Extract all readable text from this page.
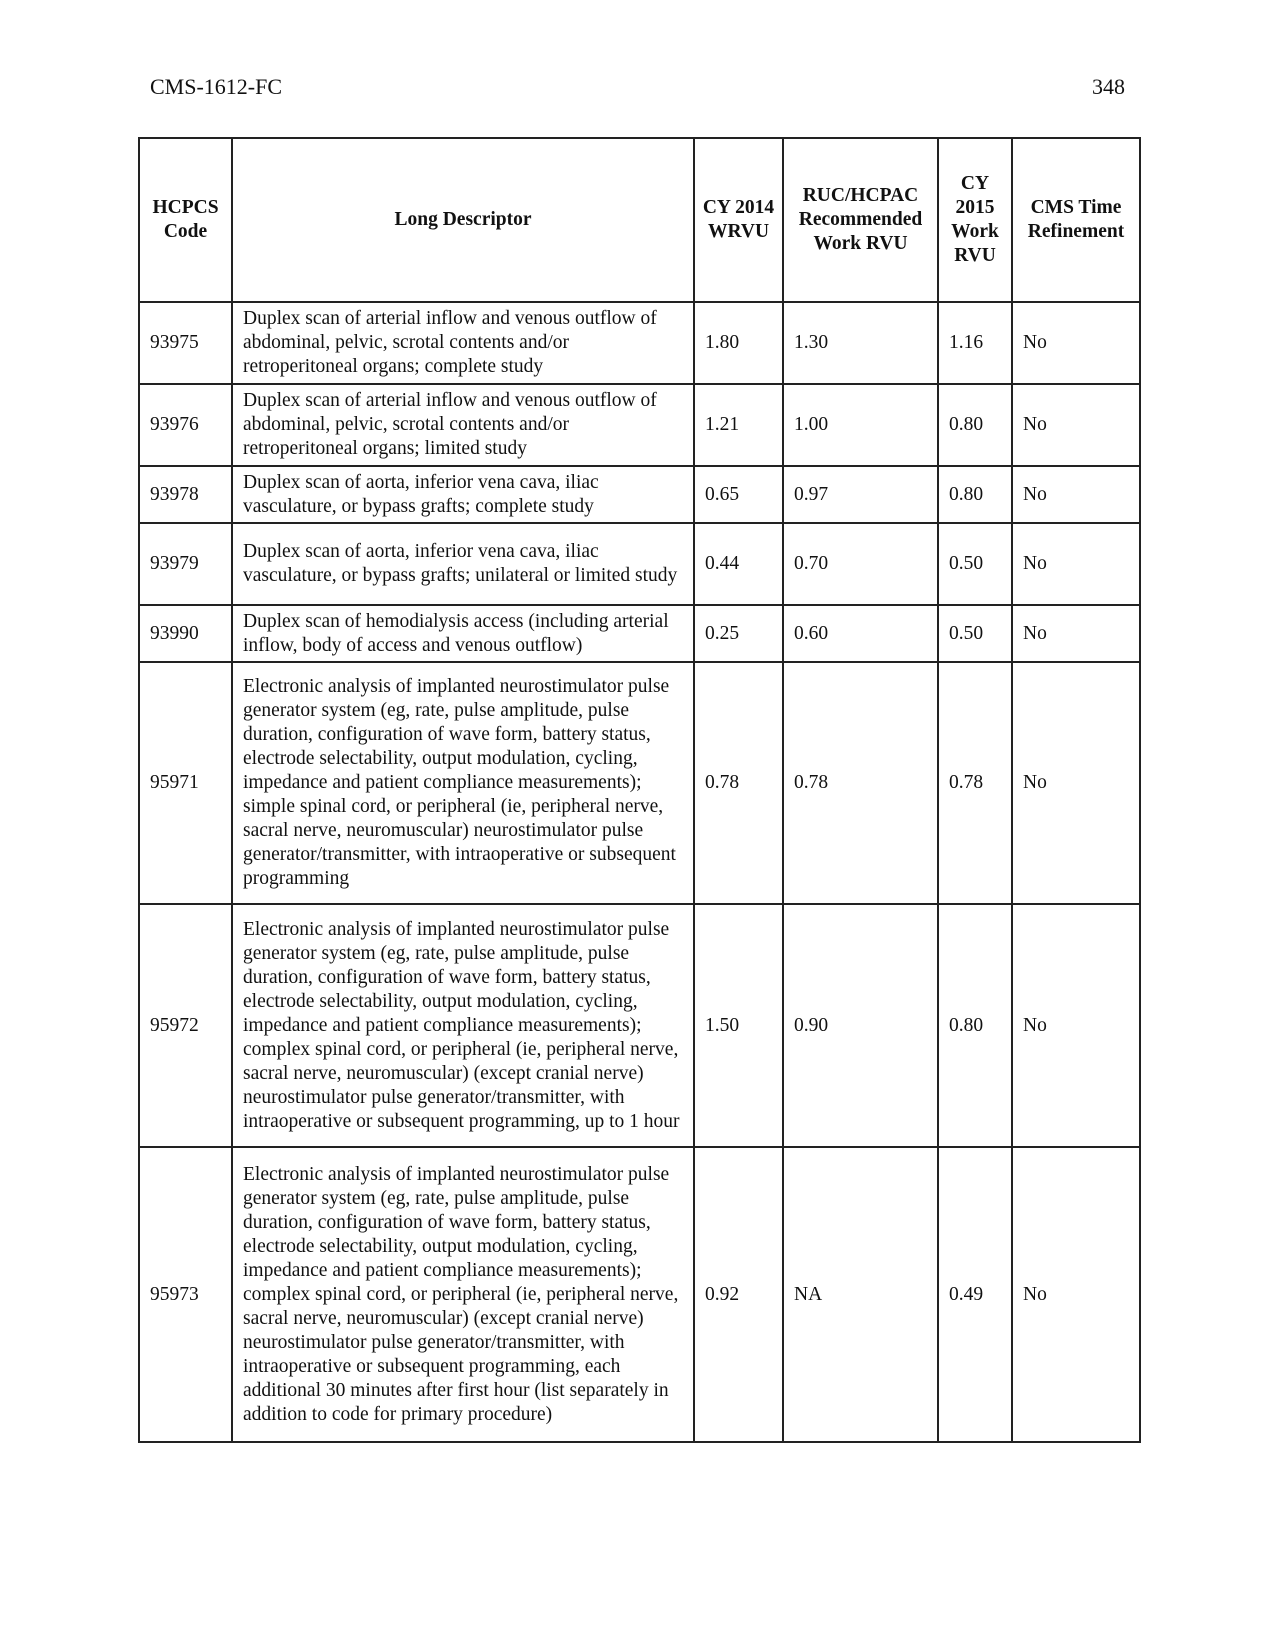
CMS-1612-FC	348
HCPCS Code	Long Descriptor	CY 2014 WRVU	RUC/HCPAC Recommended Work RVU	CY 2015 Work RVU	CMS Time Refinement
93975	Duplex scan of arterial inflow and venous outflow of abdominal, pelvic, scrotal contents and/or retroperitoneal organs; complete study	1.80	1.30	1.16	No
93976	Duplex scan of arterial inflow and venous outflow of abdominal, pelvic, scrotal contents and/or retroperitoneal organs; limited study	1.21	1.00	0.80	No
93978	Duplex scan of aorta, inferior vena cava, iliac vasculature, or bypass grafts; complete study	0.65	0.97	0.80	No
93979	Duplex scan of aorta, inferior vena cava, iliac vasculature, or bypass grafts; unilateral or limited study	0.44	0.70	0.50	No
93990	Duplex scan of hemodialysis access (including arterial inflow, body of access and venous outflow)	0.25	0.60	0.50	No
95971	Electronic analysis of implanted neurostimulator pulse generator system (eg, rate, pulse amplitude, pulse duration, configuration of wave form, battery status, electrode selectability, output modulation, cycling, impedance and patient compliance measurements); simple spinal cord, or peripheral (ie, peripheral nerve, sacral nerve, neuromuscular) neurostimulator pulse generator/transmitter, with intraoperative or subsequent programming	0.78	0.78	0.78	No
95972	Electronic analysis of implanted neurostimulator pulse generator system (eg, rate, pulse amplitude, pulse duration, configuration of wave form, battery status, electrode selectability, output modulation, cycling, impedance and patient compliance measurements); complex spinal cord, or peripheral (ie, peripheral nerve, sacral nerve, neuromuscular) (except cranial nerve) neurostimulator pulse generator/transmitter, with intraoperative or subsequent programming, up to 1 hour	1.50	0.90	0.80	No
95973	Electronic analysis of implanted neurostimulator pulse generator system (eg, rate, pulse amplitude, pulse duration, configuration of wave form, battery status, electrode selectability, output modulation, cycling, impedance and patient compliance measurements); complex spinal cord, or peripheral (ie, peripheral nerve, sacral nerve, neuromuscular) (except cranial nerve) neurostimulator pulse generator/transmitter, with intraoperative or subsequent programming, each additional 30 minutes after first hour (list separately in addition to code for primary procedure)	0.92	NA	0.49	No
